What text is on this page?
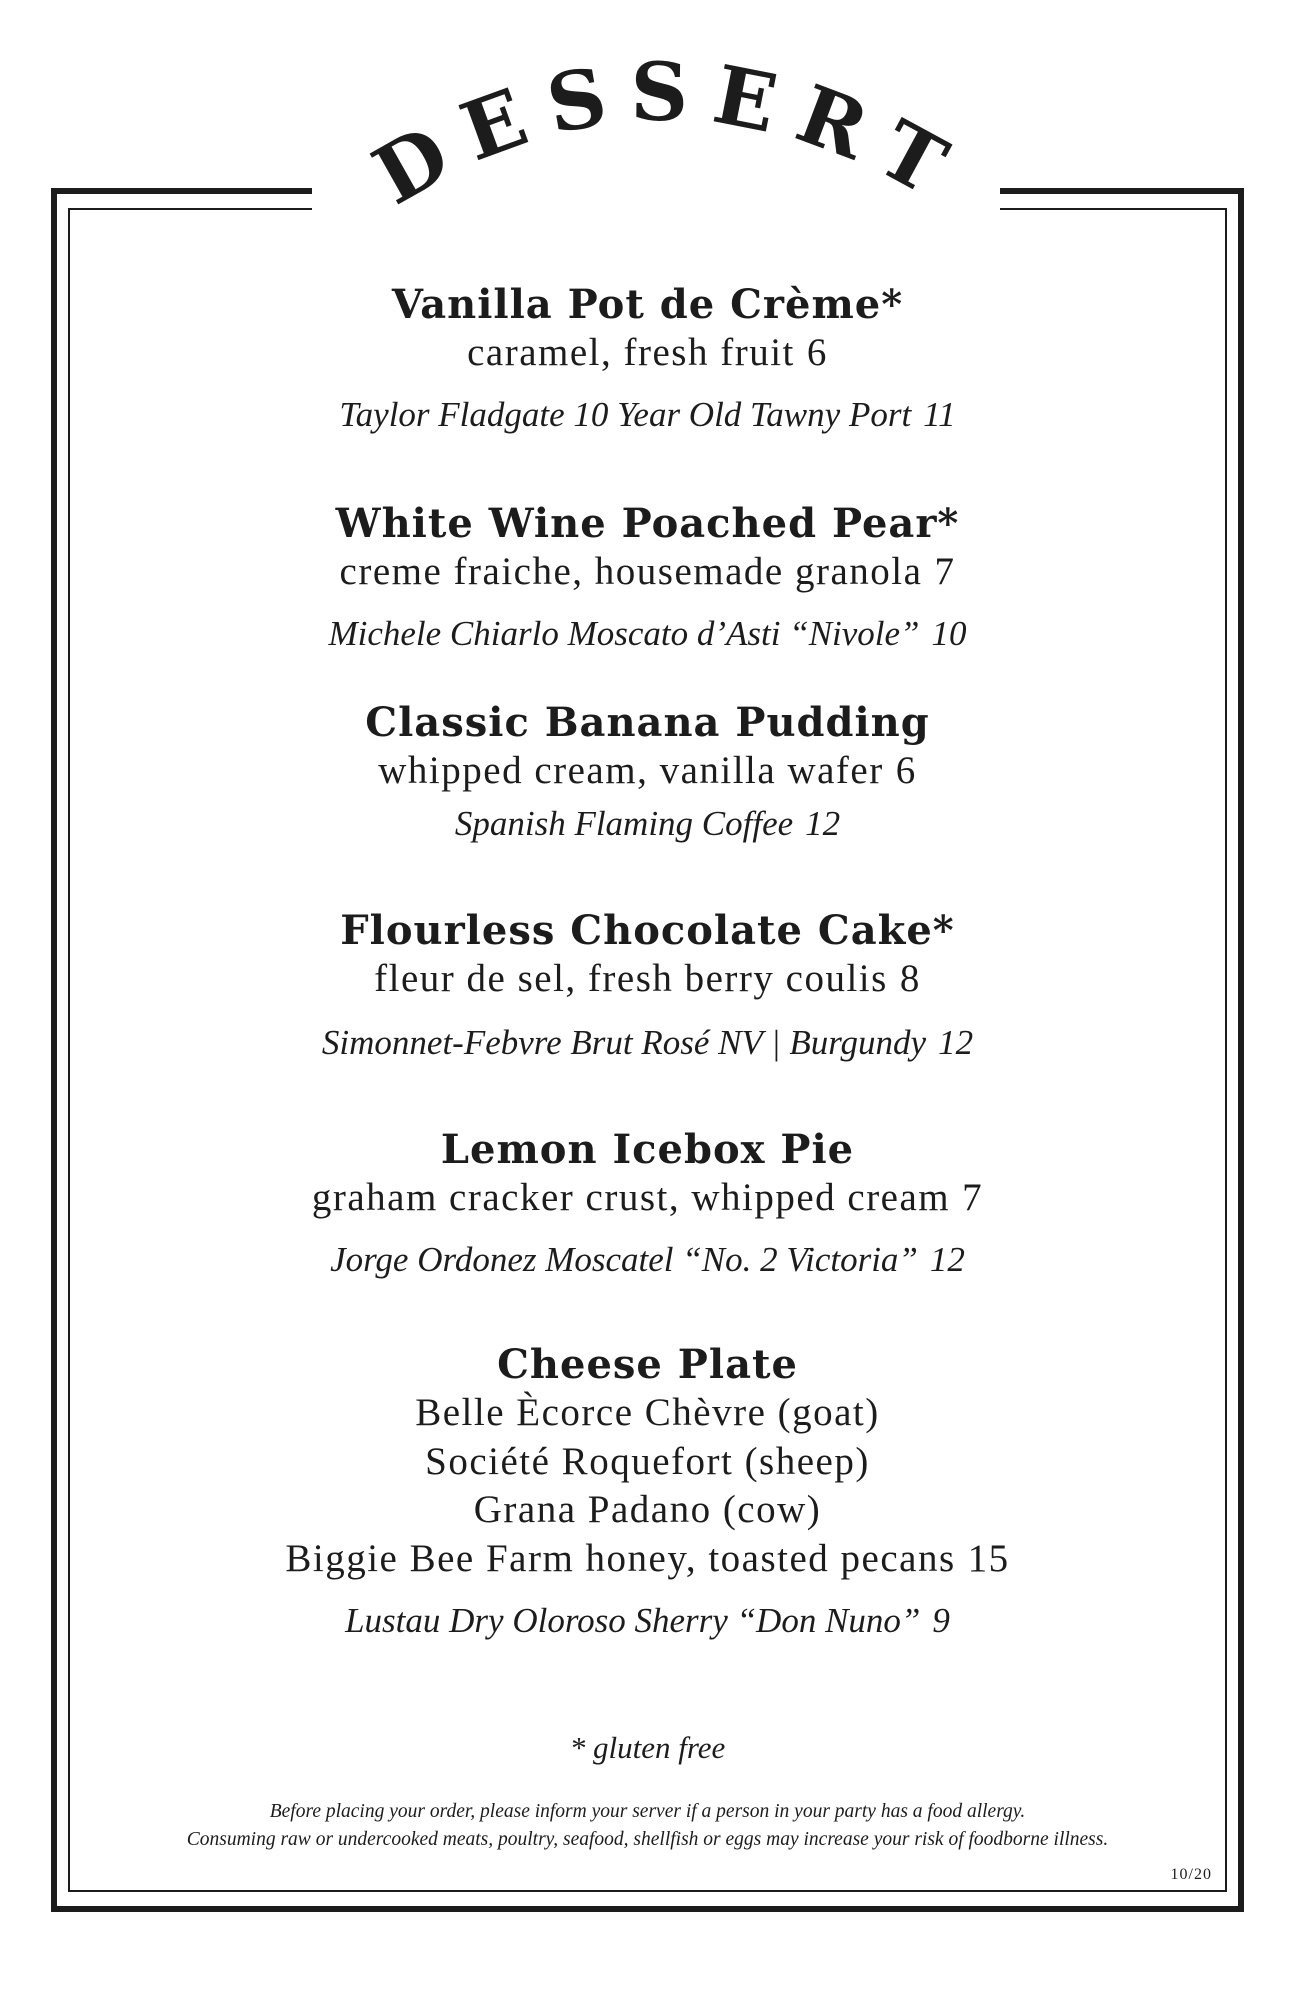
DESSERT
Vanilla Pot de Crème*
caramel, fresh fruit 6
Taylor Fladgate 10 Year Old Tawny Port 11
White Wine Poached Pear*
creme fraiche, housemade granola 7
Michele Chiarlo Moscato d’Asti “Nivole” 10
Classic Banana Pudding
whipped cream, vanilla wafer 6
Spanish Flaming Coffee 12
Flourless Chocolate Cake*
fleur de sel, fresh berry coulis 8
Simonnet-Febvre Brut Rosé NV | Burgundy 12
Lemon Icebox Pie
graham cracker crust, whipped cream 7
Jorge Ordonez Moscatel “No. 2 Victoria” 12
Cheese Plate
Belle Ècorce Chèvre (goat)
Société Roquefort (sheep)
Grana Padano (cow)
Biggie Bee Farm honey, toasted pecans 15
Lustau Dry Oloroso Sherry “Don Nuno” 9
* gluten free
Before placing your order, please inform your server if a person in your party has a food allergy.
Consuming raw or undercooked meats, poultry, seafood, shellfish or eggs may increase your risk of foodborne illness.
10/20
